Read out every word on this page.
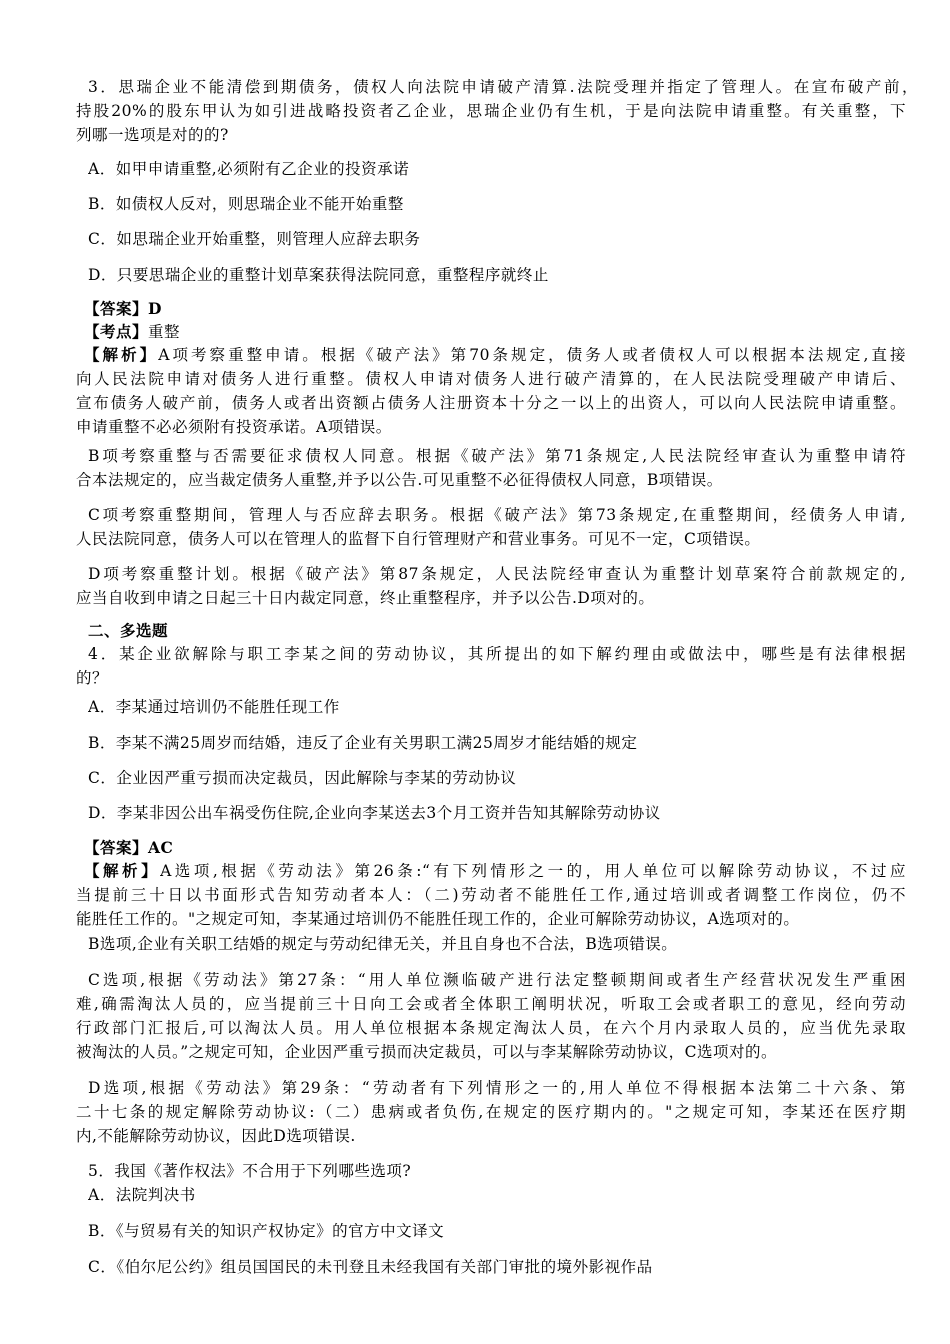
3．思瑞企业不能清偿到期债务，债权人向法院申请破产清算.法院受理并指定了管理人。在宣布破产前，
持股20%的股东甲认为如引进战略投资者乙企业，思瑞企业仍有生机，于是向法院申请重整。有关重整，下
列哪一选项是对的的?
A．如甲申请重整,必须附有乙企业的投资承诺
B．如债权人反对，则思瑞企业不能开始重整
C．如思瑞企业开始重整，则管理人应辞去职务
D．只要思瑞企业的重整计划草案获得法院同意，重整程序就终止
【答案】D
【考点】重整
【解析】A项考察重整申请。根据《破产法》第70条规定，债务人或者债权人可以根据本法规定,直接
向人民法院申请对债务人进行重整。债权人申请对债务人进行破产清算的，在人民法院受理破产申请后、
宣布债务人破产前，债务人或者出资额占债务人注册资本十分之一以上的出资人，可以向人民法院申请重整。
申请重整不必必须附有投资承诺。A项错误。
B项考察重整与否需要征求债权人同意。根据《破产法》第71条规定,人民法院经审查认为重整申请符
合本法规定的，应当裁定债务人重整,并予以公告.可见重整不必征得债权人同意，B项错误。
C项考察重整期间，管理人与否应辞去职务。根据《破产法》第73条规定,在重整期间，经债务人申请,
人民法院同意，债务人可以在管理人的监督下自行管理财产和营业事务。可见不一定，C项错误。
D项考察重整计划。根据《破产法》第87条规定，人民法院经审查认为重整计划草案符合前款规定的,
应当自收到申请之日起三十日内裁定同意，终止重整程序，并予以公告.D项对的。
二、多选题
4．某企业欲解除与职工李某之间的劳动协议，其所提出的如下解约理由或做法中，哪些是有法律根据
的？
A．李某通过培训仍不能胜任现工作
B．李某不满25周岁而结婚，违反了企业有关男职工满25周岁才能结婚的规定
C．企业因严重亏损而决定裁员，因此解除与李某的劳动协议
D．李某非因公出车祸受伤住院,企业向李某送去3个月工资并告知其解除劳动协议
【答案】AC
【解析】A选项,根据《劳动法》第26条:“有下列情形之一的，用人单位可以解除劳动协议，不过应
当提前三十日以书面形式告知劳动者本人：（二)劳动者不能胜任工作,通过培训或者调整工作岗位，仍不
能胜任工作的。"之规定可知，李某通过培训仍不能胜任现工作的，企业可解除劳动协议，A选项对的。
B选项,企业有关职工结婚的规定与劳动纪律无关，并且自身也不合法，B选项错误。
C选项,根据《劳动法》第27条：“用人单位濒临破产进行法定整顿期间或者生产经营状况发生严重困
难,确需淘汰人员的，应当提前三十日向工会或者全体职工阐明状况，听取工会或者职工的意见，经向劳动
行政部门汇报后,可以淘汰人员。用人单位根据本条规定淘汰人员，在六个月内录取人员的，应当优先录取
被淘汰的人员。”之规定可知，企业因严重亏损而决定裁员，可以与李某解除劳动协议，C选项对的。
D选项,根据《劳动法》第29条：“劳动者有下列情形之一的,用人单位不得根据本法第二十六条、第
二十七条的规定解除劳动协议:（二）患病或者负伤,在规定的医疗期内的。"之规定可知，李某还在医疗期
内,不能解除劳动协议，因此D选项错误.
5．我国《著作权法》不合用于下列哪些选项?
A．法院判决书
B．《与贸易有关的知识产权协定》的官方中文译文
C．《伯尔尼公约》组员国国民的未刊登且未经我国有关部门审批的境外影视作品
